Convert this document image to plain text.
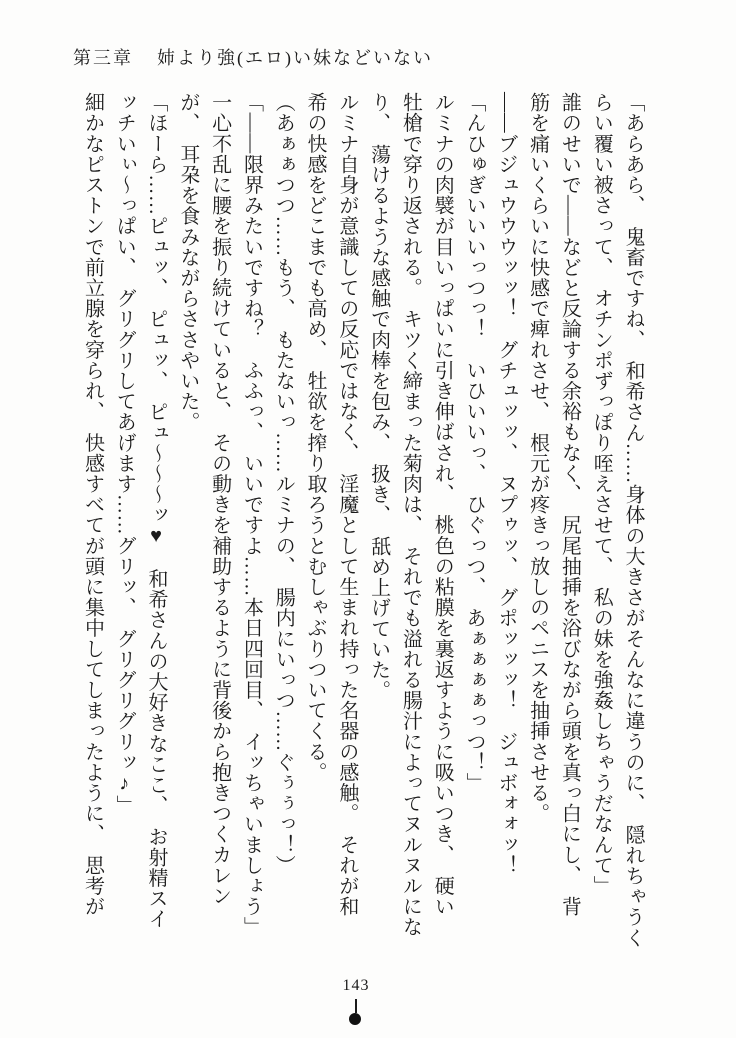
第三章 姉より強(エロ)い妹などいない
「あらあら、　鬼畜ですね、　和希さん……身体の大きさがそんなに違うのに、　隠れちゃうく
らい覆い被さって、　オチンポずっぽり咥えさせて、　私の妹を強姦しちゃうだなんて」
誰のせいで――などと反論する余裕もなく、　尻尾抽挿を浴びながら頭を真っ白にし、　背
筋を痛いくらいに快感で痺れさせ、　根元が疼きっ放しのペニスを抽挿させる。
――ブジュウウウッッ！　グチュッッ、　ヌプゥッ、　グポッッッ！　ジュボォォッ！
「んひゅぎいいいっつっ！　いひいいっ、　ひぐっつ、　あぁぁぁぁっつ！」
ルミナの肉襞が目いっぱいに引き伸ばされ、　桃色の粘膜を裏返すように吸いつき、　硬い
牡槍で穿り返される。　キツく締まった菊肉は、　それでも溢れる腸汁によってヌルヌルにな
り、　蕩けるような感触で肉棒を包み、　扱き、　舐め上げていた。
ルミナ自身が意識しての反応ではなく、　淫魔として生まれ持った名器の感触。　それが和
希の快感をどこまでも高め、　牡欲を搾り取ろうとむしゃぶりついてくる。
（あぁぁつつ……もう、　もたないっ……ルミナの、　腸内にいっつ……ぐぅぅっ！）
「――限界みたいですね？　ふふっ、　いいですよ……本日四回目、　イッちゃいましょう」
一心不乱に腰を振り続けていると、　その動きを補助するように背後から抱きつくカレン
が、　耳朶を食みながらささやいた。
「ほーら……ピュッ、　ピュッ、　ピュ～～～ッ♥　和希さんの大好きなここ、　お射精スイ
ッチいぃ～っぱい、　グリグリしてあげます……グリッ、　グリグリグリッ♪」
細かなピストンで前立腺を穿られ、　快感すべてが頭に集中してしまったように、　思考が
143
